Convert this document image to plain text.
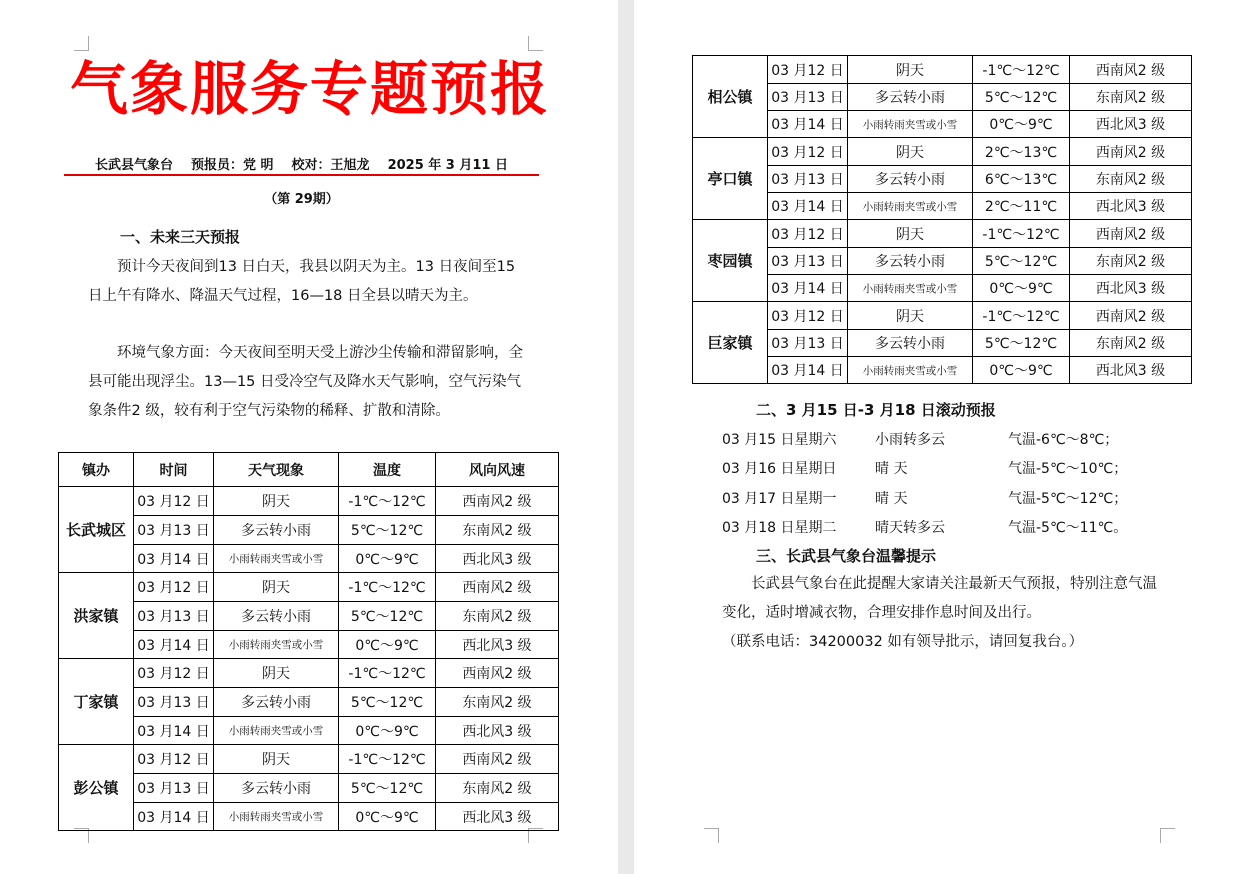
气象服务专题预报
长武县气象台 预报员：党 明 校对：王旭龙 2025 年 3 月11 日
（第 29期）
一、未来三天预报
预计今天夜间到13 日白天，我县以阴天为主。13 日夜间至15 日上午有降水、降温天气过程，16—18 日全县以晴天为主。
环境气象方面：今天夜间至明天受上游沙尘传输和滞留影响，全县可能出现浮尘。13—15 日受冷空气及降水天气影响，空气污染气象条件2 级，较有利于空气污染物的稀释、扩散和清除。
镇办	时间	天气现象	温度	风向风速
长武城区	03 月12 日	阴天	-1℃～12℃	西南风2 级
	03 月13 日	多云转小雨	5℃～12℃	东南风2 级
	03 月14 日	小雨转雨夹雪或小雪	0℃～9℃	西北风3 级
洪家镇	03 月12 日	阴天	-1℃～12℃	西南风2 级
	03 月13 日	多云转小雨	5℃～12℃	东南风2 级
	03 月14 日	小雨转雨夹雪或小雪	0℃～9℃	西北风3 级
丁家镇	03 月12 日	阴天	-1℃～12℃	西南风2 级
	03 月13 日	多云转小雨	5℃～12℃	东南风2 级
	03 月14 日	小雨转雨夹雪或小雪	0℃～9℃	西北风3 级
彭公镇	03 月12 日	阴天	-1℃～12℃	西南风2 级
	03 月13 日	多云转小雨	5℃～12℃	东南风2 级
	03 月14 日	小雨转雨夹雪或小雪	0℃～9℃	西北风3 级
相公镇	03 月12 日	阴天	-1℃～12℃	西南风2 级
	03 月13 日	多云转小雨	5℃～12℃	东南风2 级
	03 月14 日	小雨转雨夹雪或小雪	0℃～9℃	西北风3 级
亭口镇	03 月12 日	阴天	2℃～13℃	西南风2 级
	03 月13 日	多云转小雨	6℃～13℃	东南风2 级
	03 月14 日	小雨转雨夹雪或小雪	2℃～11℃	西北风3 级
枣园镇	03 月12 日	阴天	-1℃～12℃	西南风2 级
	03 月13 日	多云转小雨	5℃～12℃	东南风2 级
	03 月14 日	小雨转雨夹雪或小雪	0℃～9℃	西北风3 级
巨家镇	03 月12 日	阴天	-1℃～12℃	西南风2 级
	03 月13 日	多云转小雨	5℃～12℃	东南风2 级
	03 月14 日	小雨转雨夹雪或小雪	0℃～9℃	西北风3 级
二、3 月15 日-3 月18 日滚动预报
03 月15 日星期六	小雨转多云	气温-6℃～8℃；
03 月16 日星期日	晴 天	气温-5℃～10℃；
03 月17 日星期一	晴 天	气温-5℃～12℃；
03 月18 日星期二	晴天转多云	气温-5℃～11℃。
三、长武县气象台温馨提示
长武县气象台在此提醒大家请关注最新天气预报，特别注意气温变化，适时增减衣物，合理安排作息时间及出行。
（联系电话：34200032 如有领导批示，请回复我台。）
